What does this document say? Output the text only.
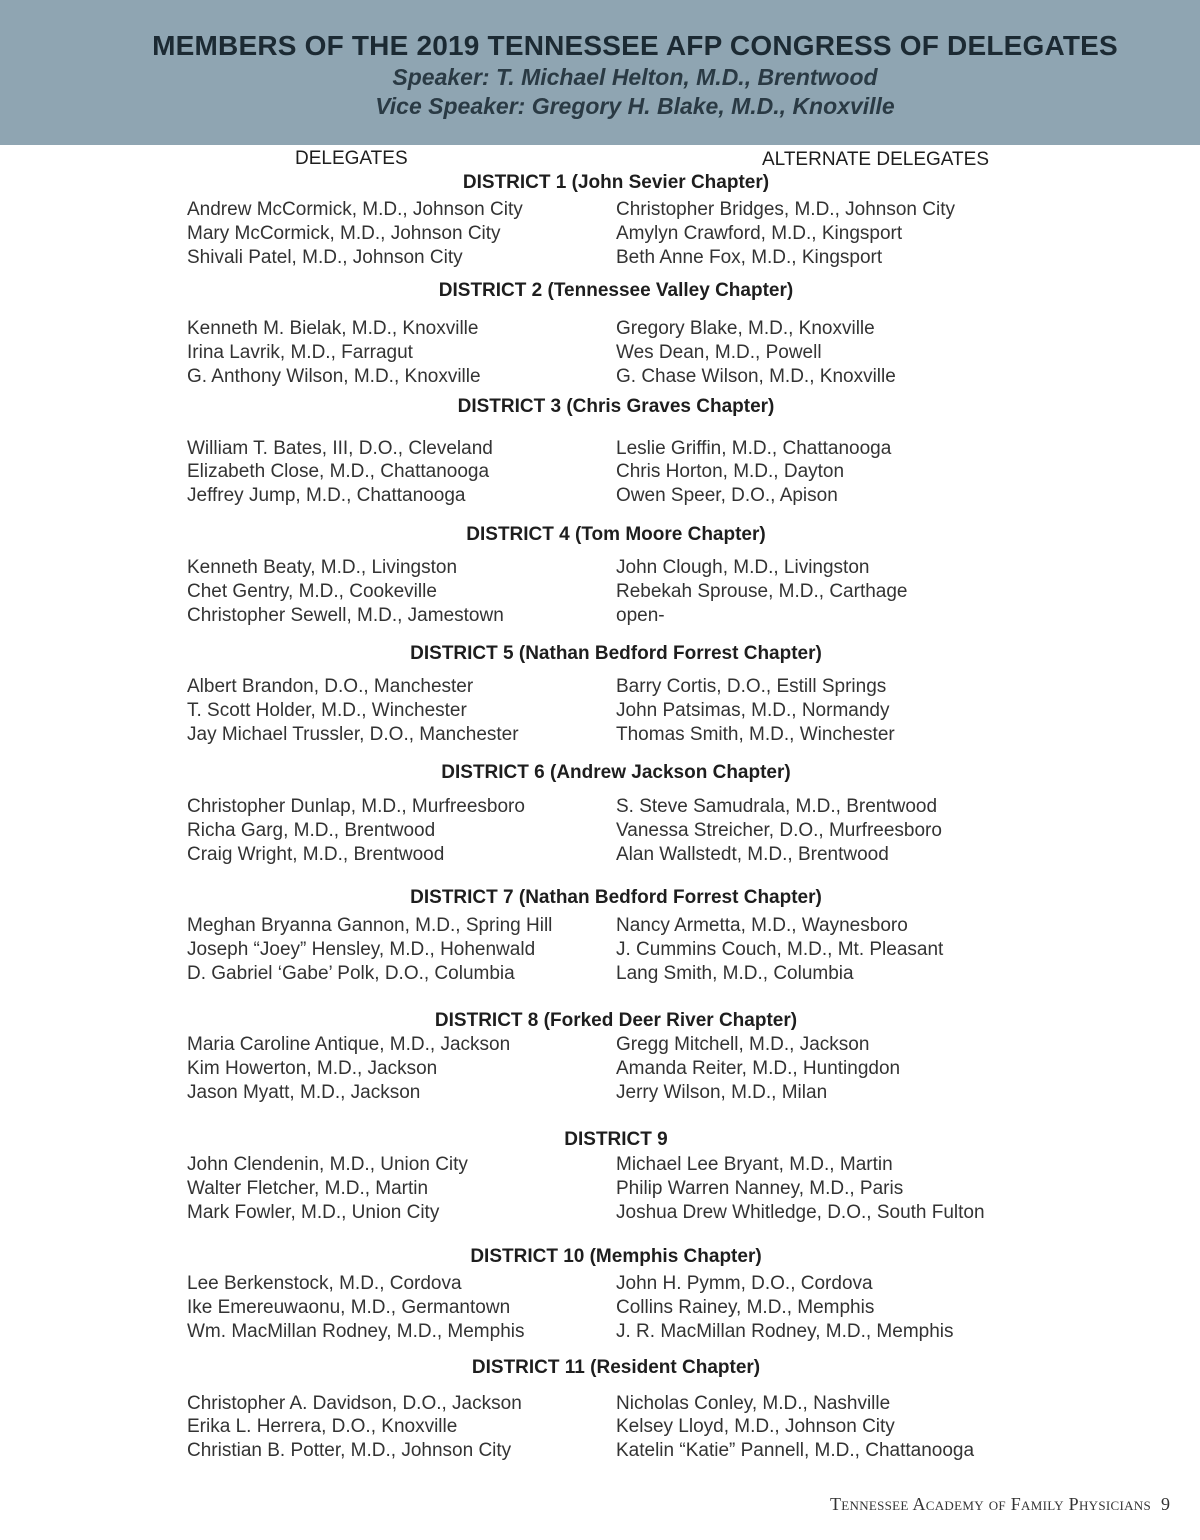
MEMBERS OF THE 2019 TENNESSEE AFP CONGRESS OF DELEGATES
Speaker: T. Michael Helton, M.D., Brentwood
Vice Speaker: Gregory H. Blake, M.D., Knoxville
DELEGATES	ALTERNATE DELEGATES
DISTRICT 1 (John Sevier Chapter)
Andrew McCormick, M.D., Johnson City	Christopher Bridges, M.D., Johnson City
Mary McCormick, M.D., Johnson City	Amylyn Crawford, M.D., Kingsport
Shivali Patel, M.D., Johnson City	Beth Anne Fox, M.D., Kingsport
DISTRICT 2 (Tennessee Valley Chapter)
Kenneth M. Bielak, M.D., Knoxville	Gregory Blake, M.D., Knoxville
Irina Lavrik, M.D., Farragut	Wes Dean, M.D., Powell
G. Anthony Wilson, M.D., Knoxville	G. Chase Wilson, M.D., Knoxville
DISTRICT 3 (Chris Graves Chapter)
William T. Bates, III, D.O., Cleveland	Leslie Griffin, M.D., Chattanooga
Elizabeth Close, M.D., Chattanooga	Chris Horton, M.D., Dayton
Jeffrey Jump, M.D., Chattanooga	Owen Speer, D.O., Apison
DISTRICT 4 (Tom Moore Chapter)
Kenneth Beaty, M.D., Livingston	John Clough, M.D., Livingston
Chet Gentry, M.D., Cookeville	Rebekah Sprouse, M.D., Carthage
Christopher Sewell, M.D., Jamestown	open-
DISTRICT 5 (Nathan Bedford Forrest Chapter)
Albert Brandon, D.O., Manchester	Barry Cortis, D.O., Estill Springs
T. Scott Holder, M.D., Winchester	John Patsimas, M.D., Normandy
Jay Michael Trussler, D.O., Manchester	Thomas Smith, M.D., Winchester
DISTRICT 6 (Andrew Jackson Chapter)
Christopher Dunlap, M.D., Murfreesboro	S. Steve Samudrala, M.D., Brentwood
Richa Garg, M.D., Brentwood	Vanessa Streicher, D.O., Murfreesboro
Craig Wright, M.D., Brentwood	Alan Wallstedt, M.D., Brentwood
DISTRICT 7 (Nathan Bedford Forrest Chapter)
Meghan Bryanna Gannon, M.D., Spring Hill	Nancy Armetta, M.D., Waynesboro
Joseph “Joey” Hensley, M.D., Hohenwald	J. Cummins Couch, M.D., Mt. Pleasant
D. Gabriel ‘Gabe’ Polk, D.O., Columbia	Lang Smith, M.D., Columbia
DISTRICT 8 (Forked Deer River Chapter)
Maria Caroline Antique, M.D., Jackson	Gregg Mitchell, M.D., Jackson
Kim Howerton, M.D., Jackson	Amanda Reiter, M.D., Huntingdon
Jason Myatt, M.D., Jackson	Jerry Wilson, M.D., Milan
DISTRICT 9
John Clendenin, M.D., Union City	Michael Lee Bryant, M.D., Martin
Walter Fletcher, M.D., Martin	Philip Warren Nanney, M.D., Paris
Mark Fowler, M.D., Union City	Joshua Drew Whitledge, D.O., South Fulton
DISTRICT 10 (Memphis Chapter)
Lee Berkenstock, M.D., Cordova	John H. Pymm, D.O., Cordova
Ike Emereuwaonu, M.D., Germantown	Collins Rainey, M.D., Memphis
Wm. MacMillan Rodney, M.D., Memphis	J. R. MacMillan Rodney, M.D., Memphis
DISTRICT 11 (Resident Chapter)
Christopher A. Davidson, D.O., Jackson	Nicholas Conley, M.D., Nashville
Erika L. Herrera, D.O., Knoxville	Kelsey Lloyd, M.D., Johnson City
Christian B. Potter, M.D., Johnson City	Katelin “Katie” Pannell, M.D., Chattanooga
Tennessee Academy of Family Physicians 9
